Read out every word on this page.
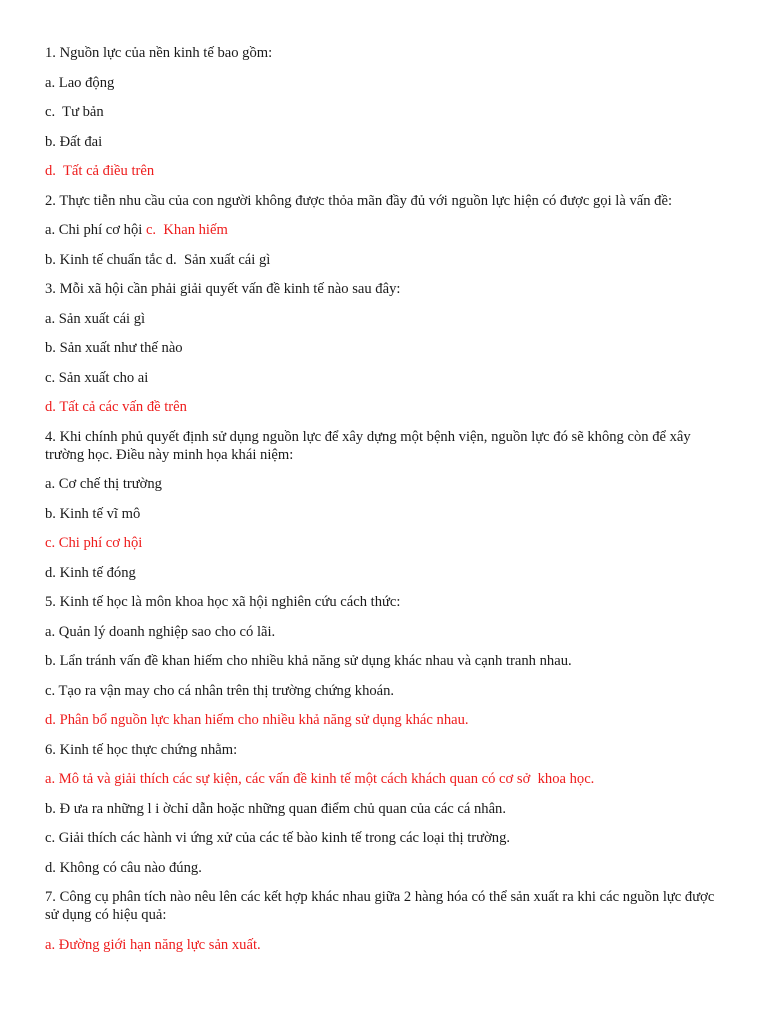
1. Nguồn lực của nền kinh tế bao gồm:
a. Lao động
c.  Tư bản
b. Đất đai
d.  Tất cả điều trên
2. Thực tiễn nhu cầu của con người không được thỏa mãn đầy đủ với nguồn lực hiện có được gọi là vấn đề:
a. Chi phí cơ hội c.  Khan hiếm
b. Kinh tế chuẩn tắc d.  Sản xuất cái gì
3. Mỗi xã hội cần phải giải quyết vấn đề kinh tế nào sau đây:
a. Sản xuất cái gì
b. Sản xuất như thế nào
c. Sản xuất cho ai
d. Tất cả các vấn đề trên
4. Khi chính phủ quyết định sử dụng nguồn lực để xây dựng một bệnh viện, nguồn lực đó sẽ không còn để xây trường học. Điều này minh họa khái niệm:
a. Cơ chế thị trường
b. Kinh tế vĩ mô
c. Chi phí cơ hội
d. Kinh tế đóng
5. Kinh tế học là môn khoa học xã hội nghiên cứu cách thức:
a. Quản lý doanh nghiệp sao cho có lãi.
b. Lẩn tránh vấn đề khan hiếm cho nhiều khả năng sử dụng khác nhau và cạnh tranh nhau.
c. Tạo ra vận may cho cá nhân trên thị trường chứng khoán.
d. Phân bổ nguồn lực khan hiếm cho nhiều khả năng sử dụng khác nhau.
6. Kinh tế học thực chứng nhằm:
a. Mô tả và giải thích các sự kiện, các vấn đề kinh tế một cách khách quan có cơ sở  khoa học.
b. Đ ưa ra những l i ờchỉ dẫn hoặc những quan điểm chủ quan của các cá nhân.
c. Giải thích các hành vi ứng xử của các tế bào kinh tế trong các loại thị trường.
d. Không có câu nào đúng.
7. Công cụ phân tích nào nêu lên các kết hợp khác nhau giữa 2 hàng hóa có thể sản xuất ra khi các nguồn lực được sử dụng có hiệu quả:
a. Đường giới hạn năng lực sản xuất.
